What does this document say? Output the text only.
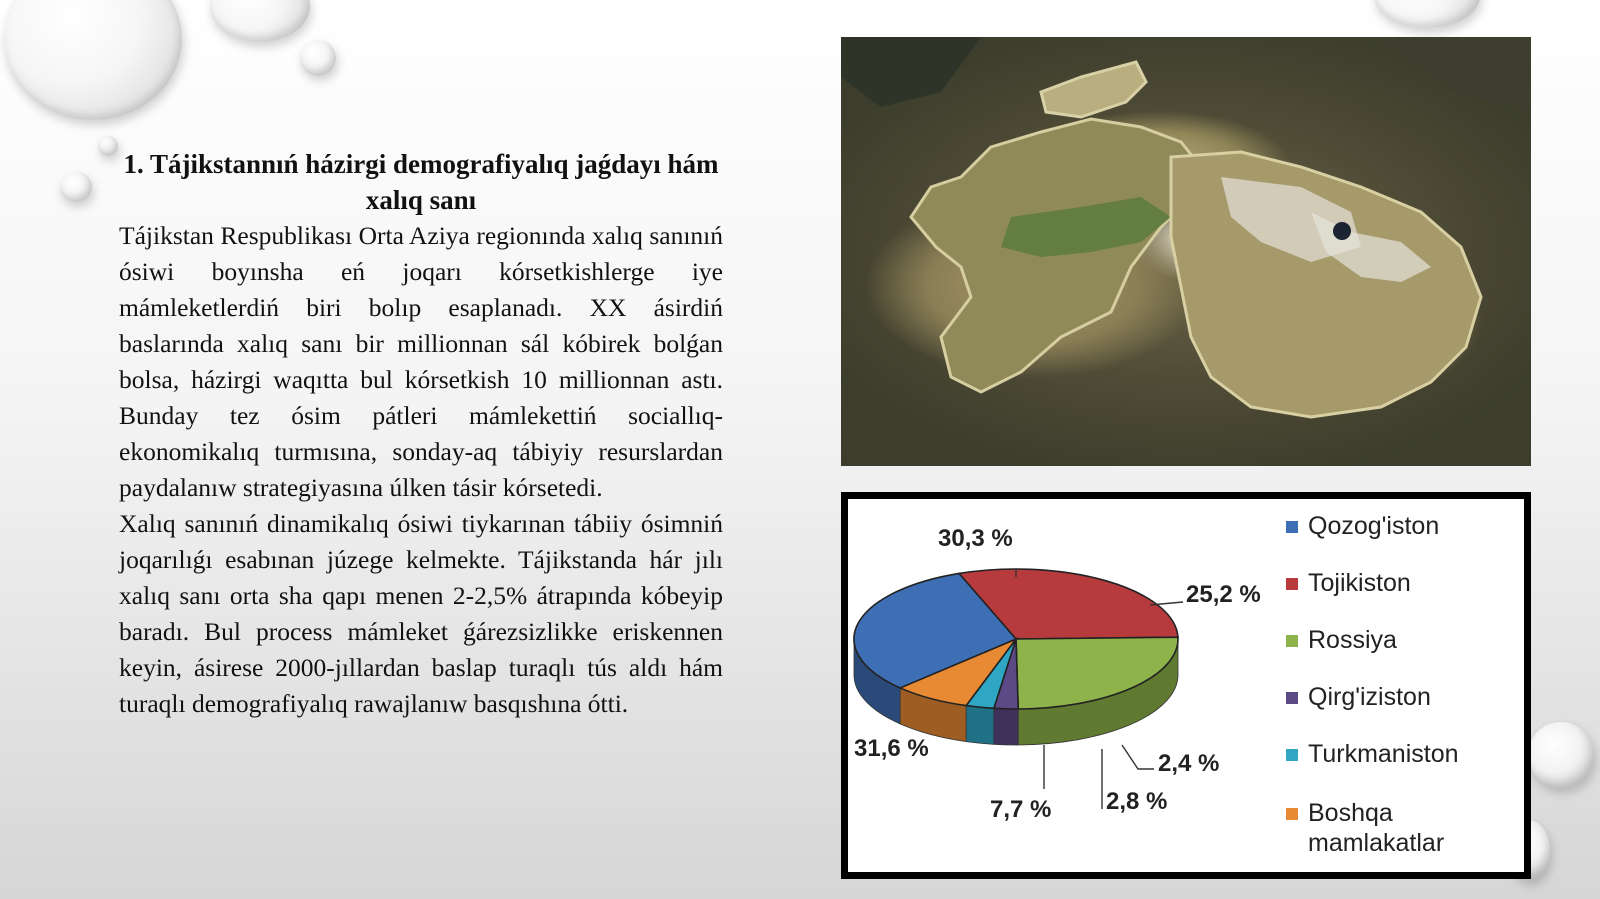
1. Tájikstannıń házirgi demografiyalıq jaǵdayı hám xalıq sanı

Tájikstan Respublikası Orta Aziya regionında xalıq sanınıń ósiwi boyınsha eń joqarı kórsetkishlerge iye mámleketlerdiń biri bolıp esaplanadı. XX ásirdiń baslarında xalıq sanı bir millionnan sál kóbirek bolǵan bolsa, házirgi waqıtta bul kórsetkish 10 millionnan astı. Bunday tez ósim pátleri mámlekettiń sociallıq-ekonomikalıq turmısına, sonday-aq tábiyiy resurslardan paydalanıw strategiyasına úlken tásir kórsetedi.

Xalıq sanınıń dinamikalıq ósiwi tiykarınan tábiiy ósimniń joqarılıǵı esabınan júzege kelmekte. Tájikstanda hár jılı xalıq sanı orta sha qapı menen 2-2,5% átrapında kóbeyip baradı. Bul process mámleket ǵárezsizlikke eriskennen keyin, ásirese 2000-jıllardan baslap turaqlı tús aldı hám turaqlı demografiyalıq rawajlanıw basqıshına ótti.

30,3 %
25,2 %
2,4 %
2,8 %
7,7 %
31,6 %
Qozog'iston
Tojikiston
Rossiya
Qirg'iziston
Turkmaniston
Boshqa
mamlakatlar
